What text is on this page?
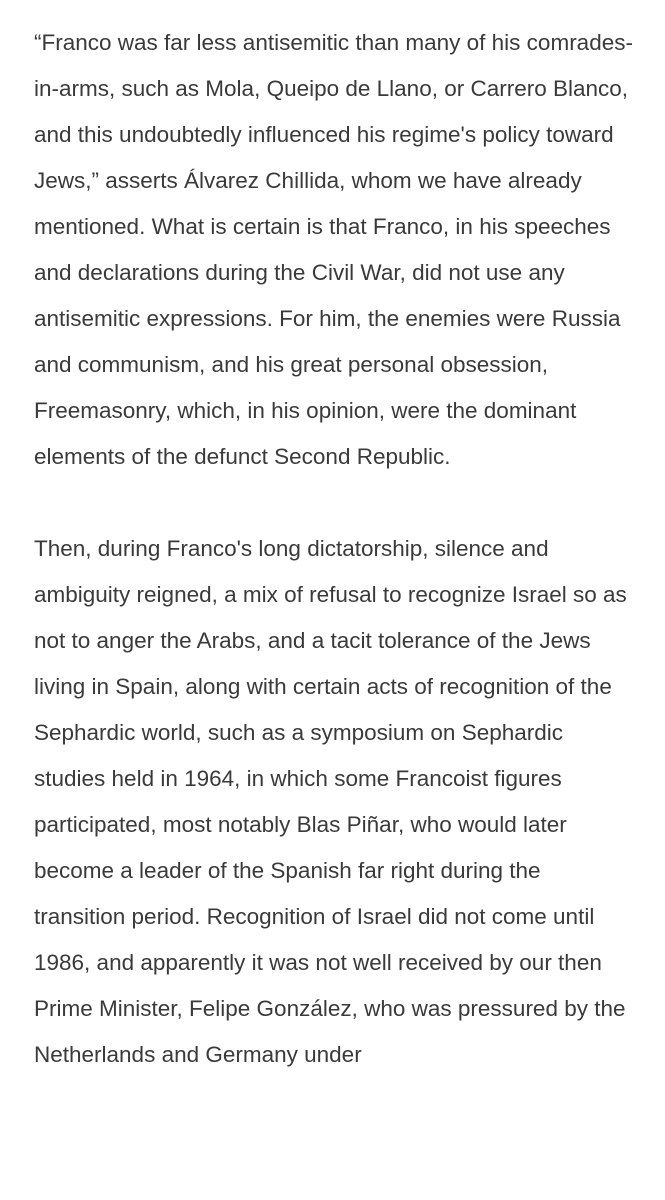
“Franco was far less antisemitic than many of his comrades-in-arms, such as Mola, Queipo de Llano, or Carrero Blanco, and this undoubtedly influenced his regime's policy toward Jews,” asserts Álvarez Chillida, whom we have already mentioned. What is certain is that Franco, in his speeches and declarations during the Civil War, did not use any antisemitic expressions. For him, the enemies were Russia and communism, and his great personal obsession, Freemasonry, which, in his opinion, were the dominant elements of the defunct Second Republic.

Then, during Franco's long dictatorship, silence and ambiguity reigned, a mix of refusal to recognize Israel so as not to anger the Arabs, and a tacit tolerance of the Jews living in Spain, along with certain acts of recognition of the Sephardic world, such as a symposium on Sephardic studies held in 1964, in which some Francoist figures participated, most notably Blas Piñar, who would later become a leader of the Spanish far right during the transition period. Recognition of Israel did not come until 1986, and apparently it was not well received by our then Prime Minister, Felipe González, who was pressured by the Netherlands and Germany under
